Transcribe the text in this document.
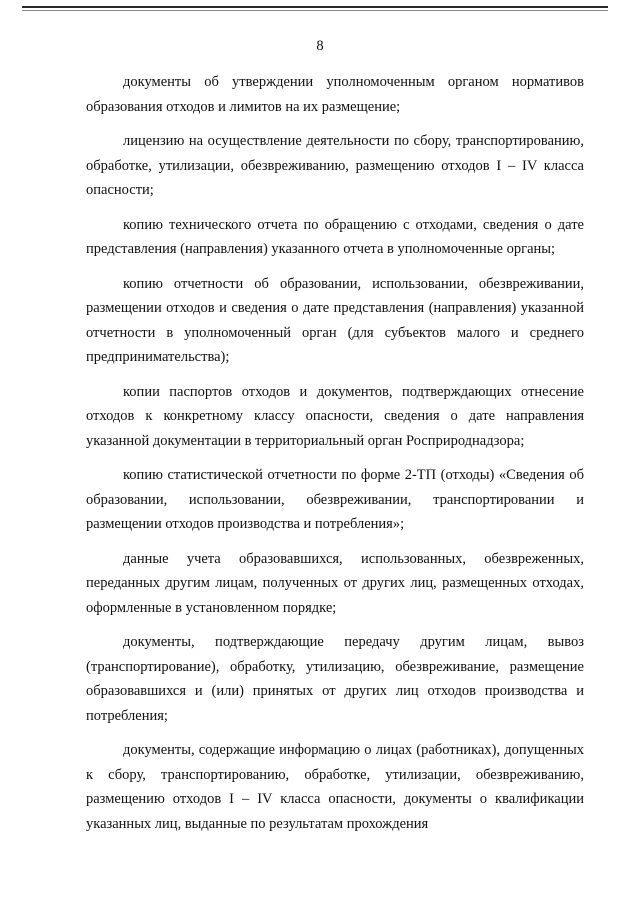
8

документы об утверждении уполномоченным органом нормативов образования отходов и лимитов на их размещение;

лицензию на осуществление деятельности по сбору, транспортированию, обработке, утилизации, обезвреживанию, размещению отходов I – IV класса опасности;

копию технического отчета по обращению с отходами, сведения о дате представления (направления) указанного отчета в уполномоченные органы;

копию отчетности об образовании, использовании, обезвреживании, размещении отходов и сведения о дате представления (направления) указанной отчетности в уполномоченный орган (для субъектов малого и среднего предпринимательства);

копии паспортов отходов и документов, подтверждающих отнесение отходов к конкретному классу опасности, сведения о дате направления указанной документации в территориальный орган Росприроднадзора;

копию статистической отчетности по форме 2-ТП (отходы) «Сведения об образовании, использовании, обезвреживании, транспортировании и размещении отходов производства и потребления»;

данные учета образовавшихся, использованных, обезвреженных, переданных другим лицам, полученных от других лиц, размещенных отходах, оформленные в установленном порядке;

документы, подтверждающие передачу другим лицам, вывоз (транспортирование), обработку, утилизацию, обезвреживание, размещение образовавшихся и (или) принятых от других лиц отходов производства и потребления;

документы, содержащие информацию о лицах (работниках), допущенных к сбору, транспортированию, обработке, утилизации, обезвреживанию, размещению отходов I – IV класса опасности, документы о квалификации указанных лиц, выданные по результатам прохождения
